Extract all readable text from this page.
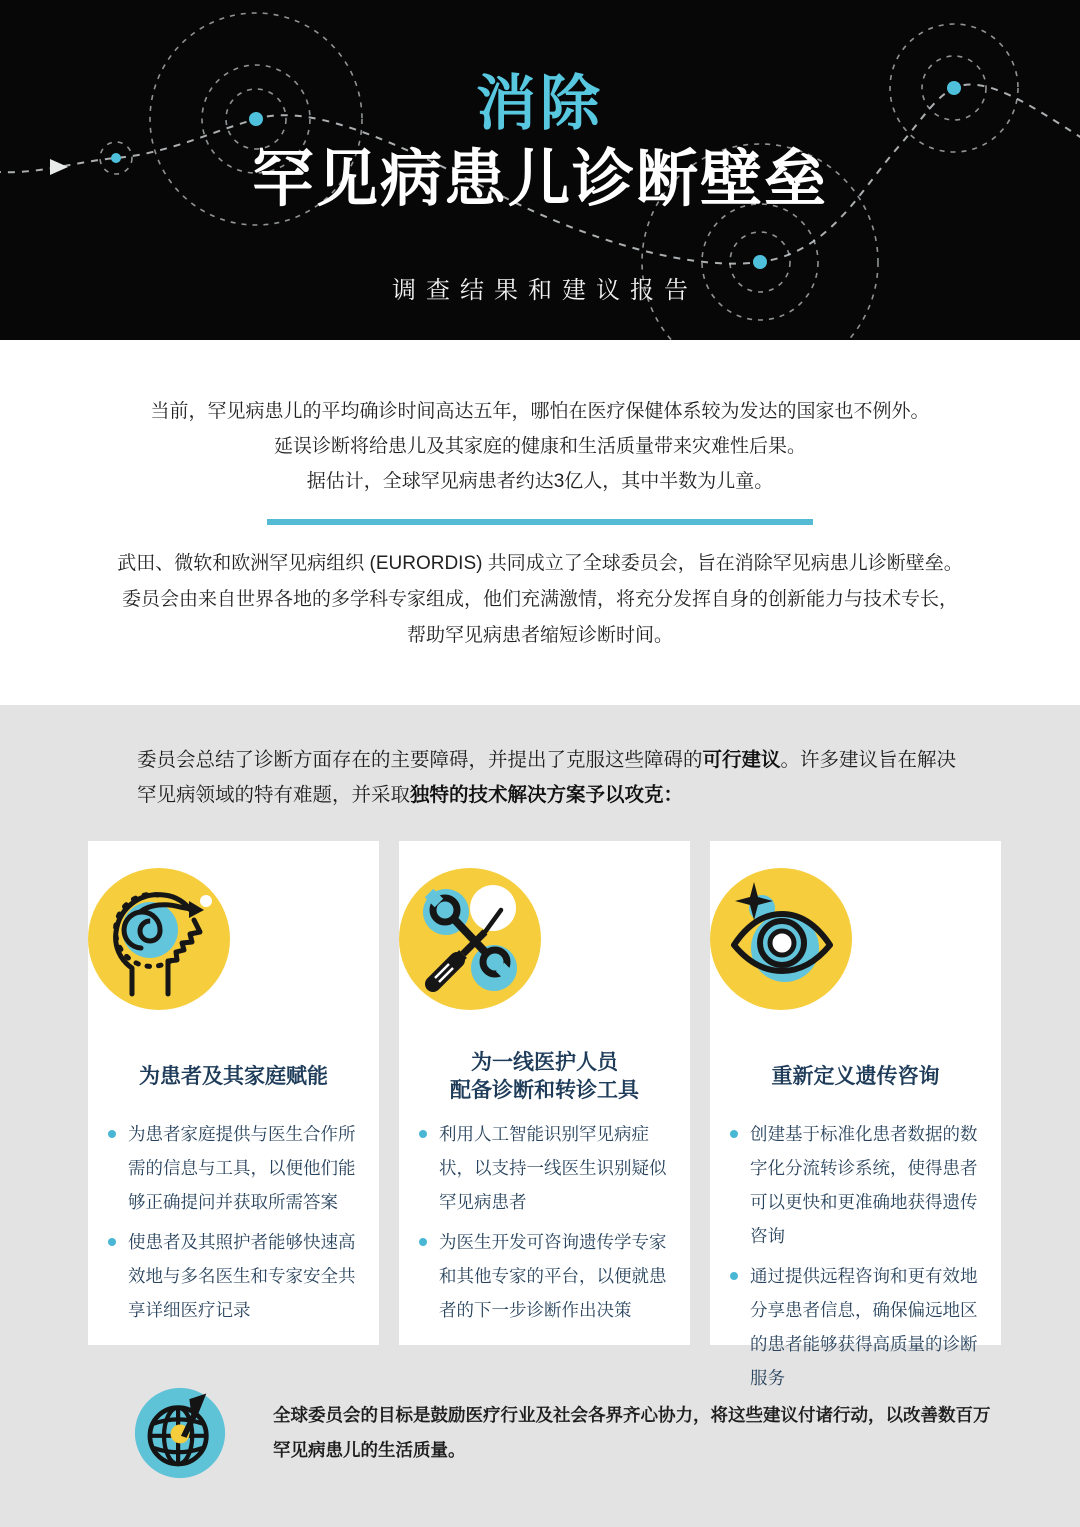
消除
罕见病患儿诊断壁垒
调查结果和建议报告
当前，罕见病患儿的平均确诊时间高达五年，哪怕在医疗保健体系较为发达的国家也不例外。
延误诊断将给患儿及其家庭的健康和生活质量带来灾难性后果。
据估计，全球罕见病患者约达3亿人，其中半数为儿童。
武田、微软和欧洲罕见病组织 (EURORDIS) 共同成立了全球委员会，旨在消除罕见病患儿诊断壁垒。
委员会由来自世界各地的多学科专家组成，他们充满激情，将充分发挥自身的创新能力与技术专长，
帮助罕见病患者缩短诊断时间。
委员会总结了诊断方面存在的主要障碍，并提出了克服这些障碍的可行建议。许多建议旨在解决罕见病领域的特有难题，并采取独特的技术解决方案予以攻克：
为患者及其家庭赋能
为患者家庭提供与医生合作所需的信息与工具，以便他们能够正确提问并获取所需答案
使患者及其照护者能够快速高效地与多名医生和专家安全共享详细医疗记录
为一线医护人员
配备诊断和转诊工具
利用人工智能识别罕见病症状，以支持一线医生识别疑似罕见病患者
为医生开发可咨询遗传学专家和其他专家的平台，以便就患者的下一步诊断作出决策
重新定义遗传咨询
创建基于标准化患者数据的数字化分流转诊系统，使得患者可以更快和更准确地获得遗传咨询
通过提供远程咨询和更有效地分享患者信息，确保偏远地区的患者能够获得高质量的诊断服务
全球委员会的目标是鼓励医疗行业及社会各界齐心协力，将这些建议付诸行动，以改善数百万罕见病患儿的生活质量。
